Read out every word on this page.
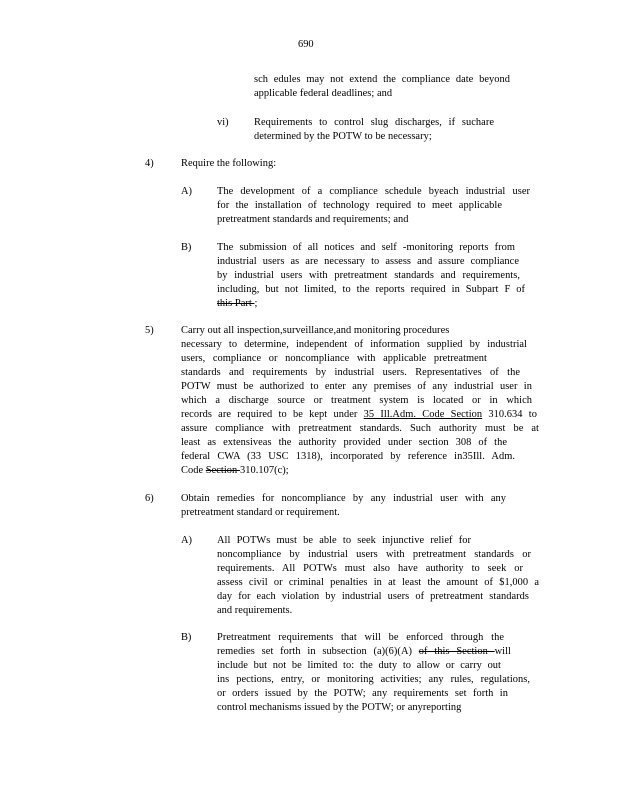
690
sch edules may not extend the compliance date beyond
applicable federal deadlines; and
vi) Requirements to control slug discharges, if suchare
determined by the POTW to be necessary;
4)	Require the following:
A) The development of a compliance schedule byeach industrial user
for the installation of technology required to meet applicable
pretreatment standards and requirements; and
B) The submission of all notices and self -monitoring reports from
industrial users as are necessary to assess and assure compliance
by industrial users with pretreatment standards and requirements,
including, but not limited, to the reports required in Subpart F of
this Part ;
5)	Carry out all inspection,surveillance,and monitoring procedures
necessary to determine, independent of information supplied by industrial
users, compliance or noncompliance with applicable pretreatment
standards and requirements by industrial users. Representatives of the
POTW must be authorized to enter any premises of any industrial user in
which a discharge source or treatment system is located or in which
records are required to be kept under 35 Ill.Adm. Code Section 310.634 to
assure compliance with pretreatment standards. Such authority must be at
least as extensiveas the authority provided under section 308 of the
federal CWA (33 USC 1318), incorporated by reference in35Ill. Adm.
Code Section 310.107(c);
6)	Obtain remedies for noncompliance by any industrial user with any
pretreatment standard or requirement.
A) All POTWs must be able to seek injunctive relief for
noncompliance by industrial users with pretreatment standards or
requirements. All POTWs must also have authority to seek or
assess civil or criminal penalties in at least the amount of $1,000 a
day for each violation by industrial users of pretreatment standards
and requirements.
B) Pretreatment requirements that will be enforced through the
remedies set forth in subsection (a)(6)(A) of this Section will
include but not be limited to: the duty to allow or carry out
ins pections, entry, or monitoring activities; any rules, regulations,
or orders issued by the POTW; any requirements set forth in
control mechanisms issued by the POTW; or anyreporting
